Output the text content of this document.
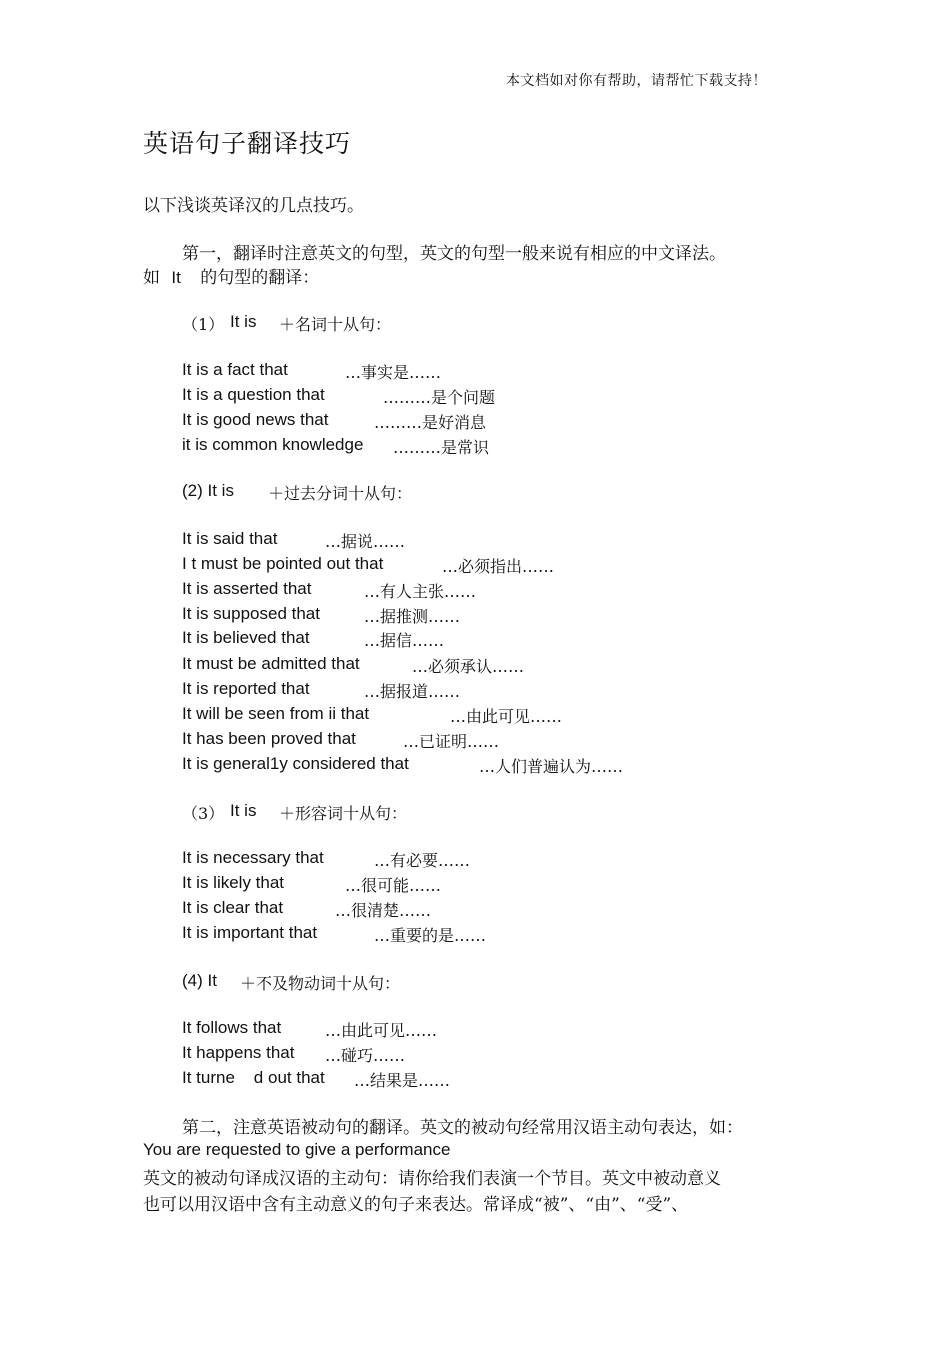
本文档如对你有帮助，请帮忙下载支持！
英语句子翻译技巧
以下浅谈英译汉的几点技巧。
第一，翻译时注意英文的句型，英文的句型一般来说有相应的中文译法。
如 It 的句型的翻译：
（1） It is ＋名词十从句：
It is a fact that	…事实是……
It is a question that	………是个问题
It is good news that	………是好消息
it is common knowledge ………是常识
(2) It is ＋过去分词十从句：
It is said that	…据说……
I t must be pointed out that	…必须指出……
It is asserted that	…有人主张……
It is supposed that	…据推测……
It is believed that	…据信……
It must be admitted that	…必须承认……
It is reported that	…据报道……
It will be seen from ii that	…由此可见……
It has been proved that	…已证明……
It is general1y considered that	…人们普遍认为……
（3） It is ＋形容词十从句：
It is necessary that	…有必要……
It is likely that	…很可能……
It is clear that	…很清楚……
It is important that	…重要的是……
(4) It ＋不及物动词十从句：
It follows that	…由此可见……
It happens that …碰巧……
It turne    d out that …结果是……
第二，注意英语被动句的翻译。英文的被动句经常用汉语主动句表达，如：
You are requested to give a performance
英文的被动句译成汉语的主动句：请你给我们表演一个节目。英文中被动意义
也可以用汉语中含有主动意义的句子来表达。常译成“被”、“由”、“受”、
